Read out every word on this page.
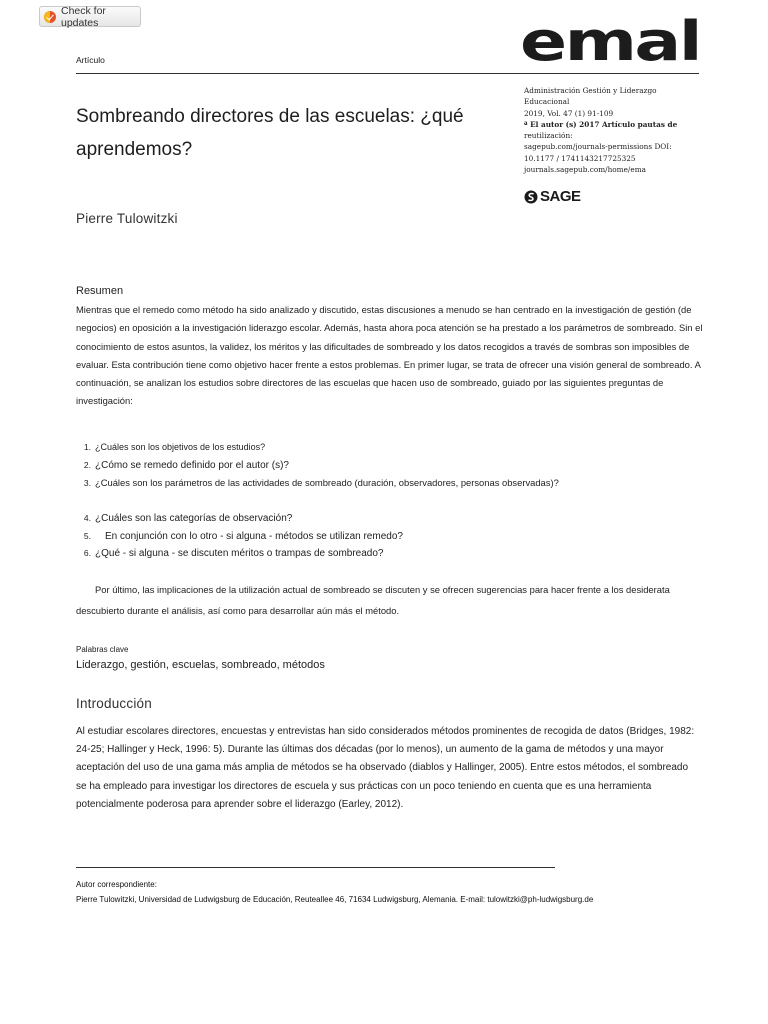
Check for updates
Artículo	emal
Sombreando directores de las escuelas: ¿qué aprendemos?
Pierre Tulowitzki
Administración Gestión y Liderazgo
Educacional
2019, Vol. 47 (1) 91-109
ª El autor (s) 2017 Artículo pautas de
reutilización:
sagepub.com/journals-permissions DOI:
10.1177 / 1741143217725325
journals.sagepub.com/home/ema
SAGE
Resumen
Mientras que el remedo como método ha sido analizado y discutido, estas discusiones a menudo se han centrado en la investigación de gestión (de negocios) en oposición a la investigación liderazgo escolar. Además, hasta ahora poca atención se ha prestado a los parámetros de sombreado. Sin el conocimiento de estos asuntos, la validez, los méritos y las dificultades de sombreado y los datos recogidos a través de sombras son imposibles de evaluar. Esta contribución tiene como objetivo hacer frente a estos problemas. En primer lugar, se trata de ofrecer una visión general de sombreado. A continuación, se analizan los estudios sobre directores de las escuelas que hacen uso de sombreado, guiado por las siguientes preguntas de investigación:
1. ¿Cuáles son los objetivos de los estudios?
2. ¿Cómo se remedo definido por el autor (s)?
3. ¿Cuáles son los parámetros de las actividades de sombreado (duración, observadores, personas observadas)?
4. ¿Cuáles son las categorías de observación?
5. En conjunción con lo otro - si alguna - métodos se utilizan remedo?
6. ¿Qué - si alguna - se discuten méritos o trampas de sombreado?
Por último, las implicaciones de la utilización actual de sombreado se discuten y se ofrecen sugerencias para hacer frente a los desiderata descubierto durante el análisis, así como para desarrollar aún más el método.
Palabras clave
Liderazgo, gestión, escuelas, sombreado, métodos
Introducción
Al estudiar escolares directores, encuestas y entrevistas han sido considerados métodos prominentes de recogida de datos (Bridges, 1982: 24-25; Hallinger y Heck, 1996: 5). Durante las últimas dos décadas (por lo menos), un aumento de la gama de métodos y una mayor aceptación del uso de una gama más amplia de métodos se ha observado (diablos y Hallinger, 2005). Entre estos métodos, el sombreado se ha empleado para investigar los directores de escuela y sus prácticas con un poco teniendo en cuenta que es una herramienta potencialmente poderosa para aprender sobre el liderazgo (Earley, 2012).
Autor correspondiente:
Pierre Tulowitzki, Universidad de Ludwigsburg de Educación, Reuteallee 46, 71634 Ludwigsburg, Alemania. E-mail: tulowitzki@ph-ludwigsburg.de
